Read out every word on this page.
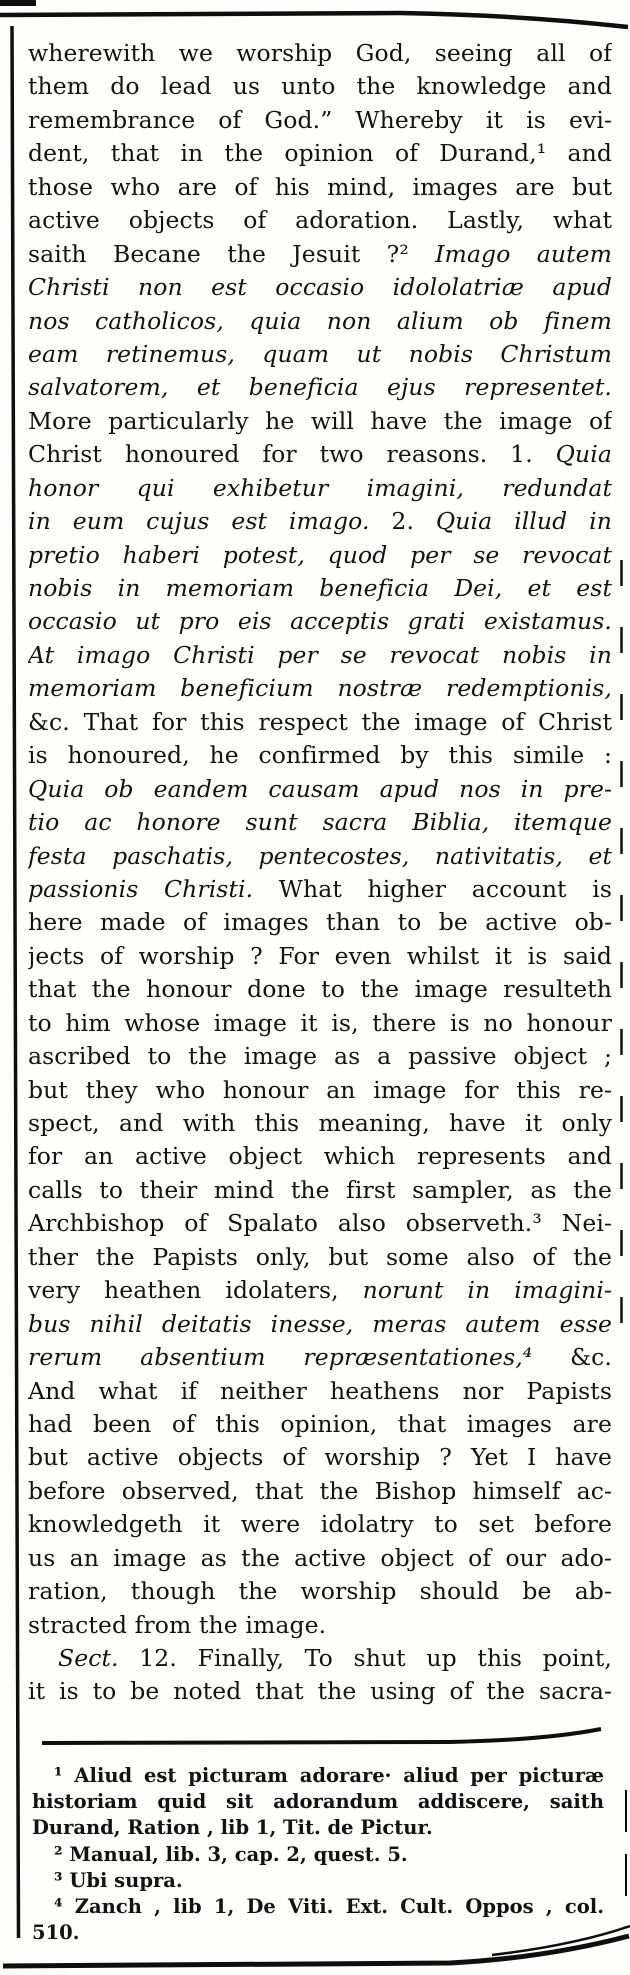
wherewith we worship God, seeing all of
them do lead us unto the knowledge and
remembrance of God.” Whereby it is evi-
dent, that in the opinion of Durand,¹ and
those who are of his mind, images are but
active objects of adoration. Lastly, what
saith Becane the Jesuit ?² Imago autem
Christi non est occasio idololatriæ apud
nos catholicos, quia non alium ob finem
eam retinemus, quam ut nobis Christum
salvatorem, et beneficia ejus representet.
More particularly he will have the image of
Christ honoured for two reasons. 1. Quia
honor qui exhibetur imagini, redundat
in eum cujus est imago. 2. Quia illud in
pretio haberi potest, quod per se revocat
nobis in memoriam beneficia Dei, et est
occasio ut pro eis acceptis grati existamus.
At imago Christi per se revocat nobis in
memoriam beneficium nostræ redemptionis,
&c. That for this respect the image of Christ
is honoured, he confirmed by this simile :
Quia ob eandem causam apud nos in pre-
tio ac honore sunt sacra Biblia, itemque
festa paschatis, pentecostes, nativitatis, et
passionis Christi. What higher account is
here made of images than to be active ob-
jects of worship ? For even whilst it is said
that the honour done to the image resulteth
to him whose image it is, there is no honour
ascribed to the image as a passive object ;
but they who honour an image for this re-
spect, and with this meaning, have it only
for an active object which represents and
calls to their mind the first sampler, as the
Archbishop of Spalato also observeth.³ Nei-
ther the Papists only, but some also of the
very heathen idolaters, norunt in imagini-
bus nihil deitatis inesse, meras autem esse
rerum absentium repræsentationes,⁴ &c.
And what if neither heathens nor Papists
had been of this opinion, that images are
but active objects of worship ? Yet I have
before observed, that the Bishop himself ac-
knowledgeth it were idolatry to set before
us an image as the active object of our ado-
ration, though the worship should be ab-
stracted from the image.
Sect. 12. Finally, To shut up this point,
it is to be noted that the using of the sacra-
¹ Aliud est picturam adorare· aliud per picturæ
historiam quid sit adorandum addiscere, saith
Durand, Ration , lib 1, Tit. de Pictur.
² Manual, lib. 3, cap. 2, quest. 5.
³ Ubi supra.
⁴ Zanch , lib 1, De Viti. Ext. Cult. Oppos , col.
510.
